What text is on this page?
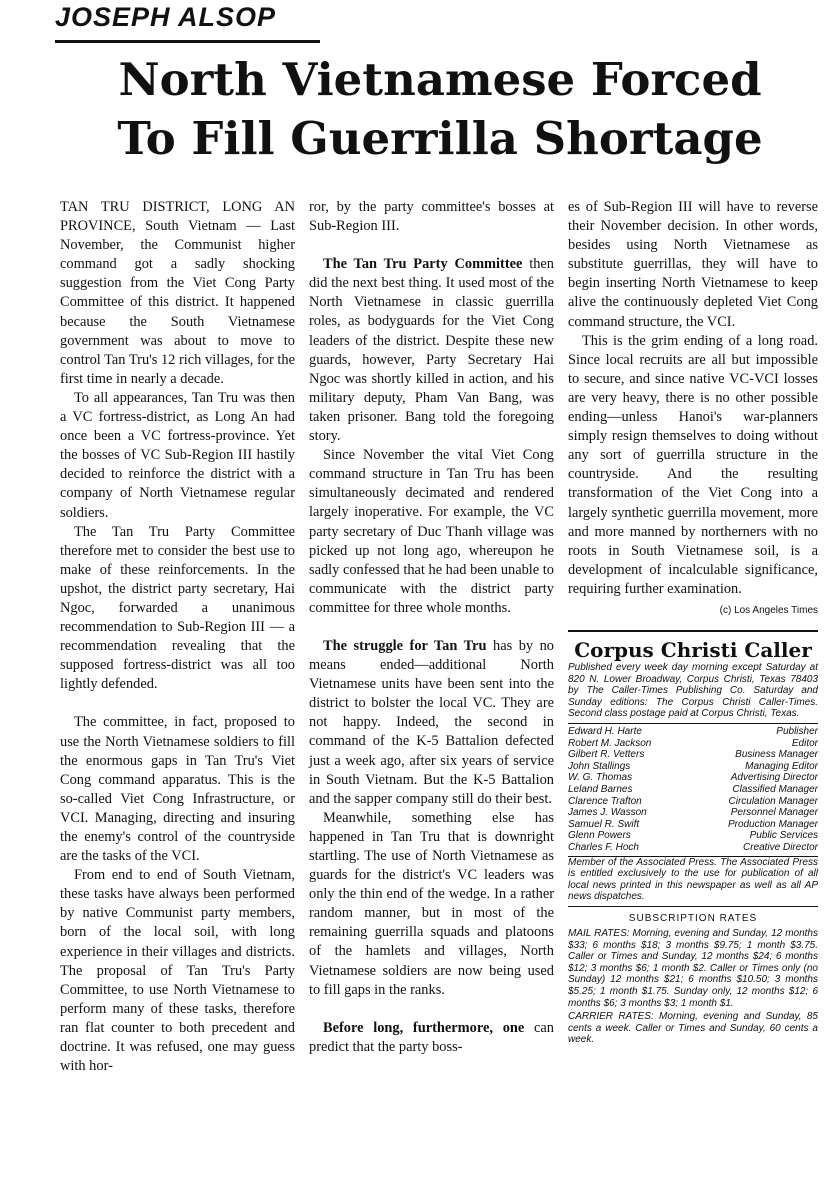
JOSEPH ALSOP
North Vietnamese Forced
To Fill Guerrilla Shortage

TAN TRU DISTRICT, LONG AN PROVINCE, South Vietnam — Last November, the Communist higher command got a sadly shocking suggestion from the Viet Cong Party Committee of this district. It happened because the South Vietnamese government was about to move to control Tan Tru's 12 rich villages, for the first time in nearly a decade.

To all appearances, Tan Tru was then a VC fortress-district, as Long An had once been a VC fortress-province. Yet the bosses of VC Sub-Region III hastily decided to reinforce the district with a company of North Vietnamese regular soldiers.

The Tan Tru Party Committee therefore met to consider the best use to make of these reinforcements. In the upshot, the district party secretary, Hai Ngoc, forwarded a unanimous recommendation to Sub-Region III — a recommendation revealing that the supposed fortress-district was all too lightly defended.

The committee, in fact, proposed to use the North Vietnamese soldiers to fill the enormous gaps in Tan Tru's Viet Cong command apparatus. This is the so-called Viet Cong Infrastructure, or VCI. Managing, directing and insuring the enemy's control of the countryside are the tasks of the VCI.

From end to end of South Vietnam, these tasks have always been performed by native Communist party members, born of the local soil, with long experience in their villages and districts. The proposal of Tan Tru's Party Committee, to use North Vietnamese to perform many of these tasks, therefore ran flat counter to both precedent and doctrine. It was refused, one may guess with hor-

ror, by the party committee's bosses at Sub-Region III.

The Tan Tru Party Committee then did the next best thing. It used most of the North Vietnamese in classic guerrilla roles, as bodyguards for the Viet Cong leaders of the district. Despite these new guards, however, Party Secretary Hai Ngoc was shortly killed in action, and his military deputy, Pham Van Bang, was taken prisoner. Bang told the foregoing story.

Since November the vital Viet Cong command structure in Tan Tru has been simultaneously decimated and rendered largely inoperative. For example, the VC party secretary of Duc Thanh village was picked up not long ago, whereupon he sadly confessed that he had been unable to communicate with the district party committee for three whole months.

The struggle for Tan Tru has by no means ended—additional North Vietnamese units have been sent into the district to bolster the local VC. They are not happy. Indeed, the second in command of the K-5 Battalion defected just a week ago, after six years of service in South Vietnam. But the K-5 Battalion and the sapper company still do their best.

Meanwhile, something else has happened in Tan Tru that is downright startling. The use of North Vietnamese as guards for the district's VC leaders was only the thin end of the wedge. In a rather random manner, but in most of the remaining guerrilla squads and platoons of the hamlets and villages, North Vietnamese soldiers are now being used to fill gaps in the ranks.

Before long, furthermore, one can predict that the party boss-

es of Sub-Region III will have to reverse their November decision. In other words, besides using North Vietnamese as substitute guerrillas, they will have to begin inserting North Vietnamese to keep alive the continuously depleted Viet Cong command structure, the VCI.

This is the grim ending of a long road. Since local recruits are all but impossible to secure, and since native VC-VCI losses are very heavy, there is no other possible ending—unless Hanoi's war-planners simply resign themselves to doing without any sort of guerrilla structure in the countryside. And the resulting transformation of the Viet Cong into a largely synthetic guerrilla movement, more and more manned by northerners with no roots in South Vietnamese soil, is a development of incalculable significance, requiring further examination.

(c) Los Angeles Times
Corpus Christi Caller
Published every week day morning except Saturday at 820 N. Lower Broadway, Corpus Christi, Texas 78403 by The Caller-Times Publishing Co. Saturday and Sunday editions: The Corpus Christi Caller-Times. Second class postage paid at Corpus Christi, Texas.
Edward H. Harte	Publisher
Robert M. Jackson	Editor
Gilbert R. Vetters	Business Manager
John Stallings	Managing Editor
W. G. Thomas	Advertising Director
Leland Barnes	Classified Manager
Clarence Trafton	Circulation Manager
James J. Wasson	Personnel Manager
Samuel R. Swift	Production Manager
Glenn Powers	Public Services
Charles F. Hoch	Creative Director
Member of the Associated Press. The Associated Press is entitled exclusively to the use for publication of all local news printed in this newspaper as well as all AP news dispatches.
SUBSCRIPTION RATES
MAIL RATES: Morning, evening and Sunday, 12 months $33; 6 months $18; 3 months $9.75; 1 month $3.75. Caller or Times and Sunday, 12 months $24; 6 months $12; 3 months $6; 1 month $2. Caller or Times only (no Sunday) 12 months $21; 6 months $10.50; 3 months $5.25; 1 month $1.75. Sunday only, 12 months $12; 6 months $6; 3 months $3; 1 month $1.
CARRIER RATES: Morning, evening and Sunday, 85 cents a week. Caller or Times and Sunday, 60 cents a week.
